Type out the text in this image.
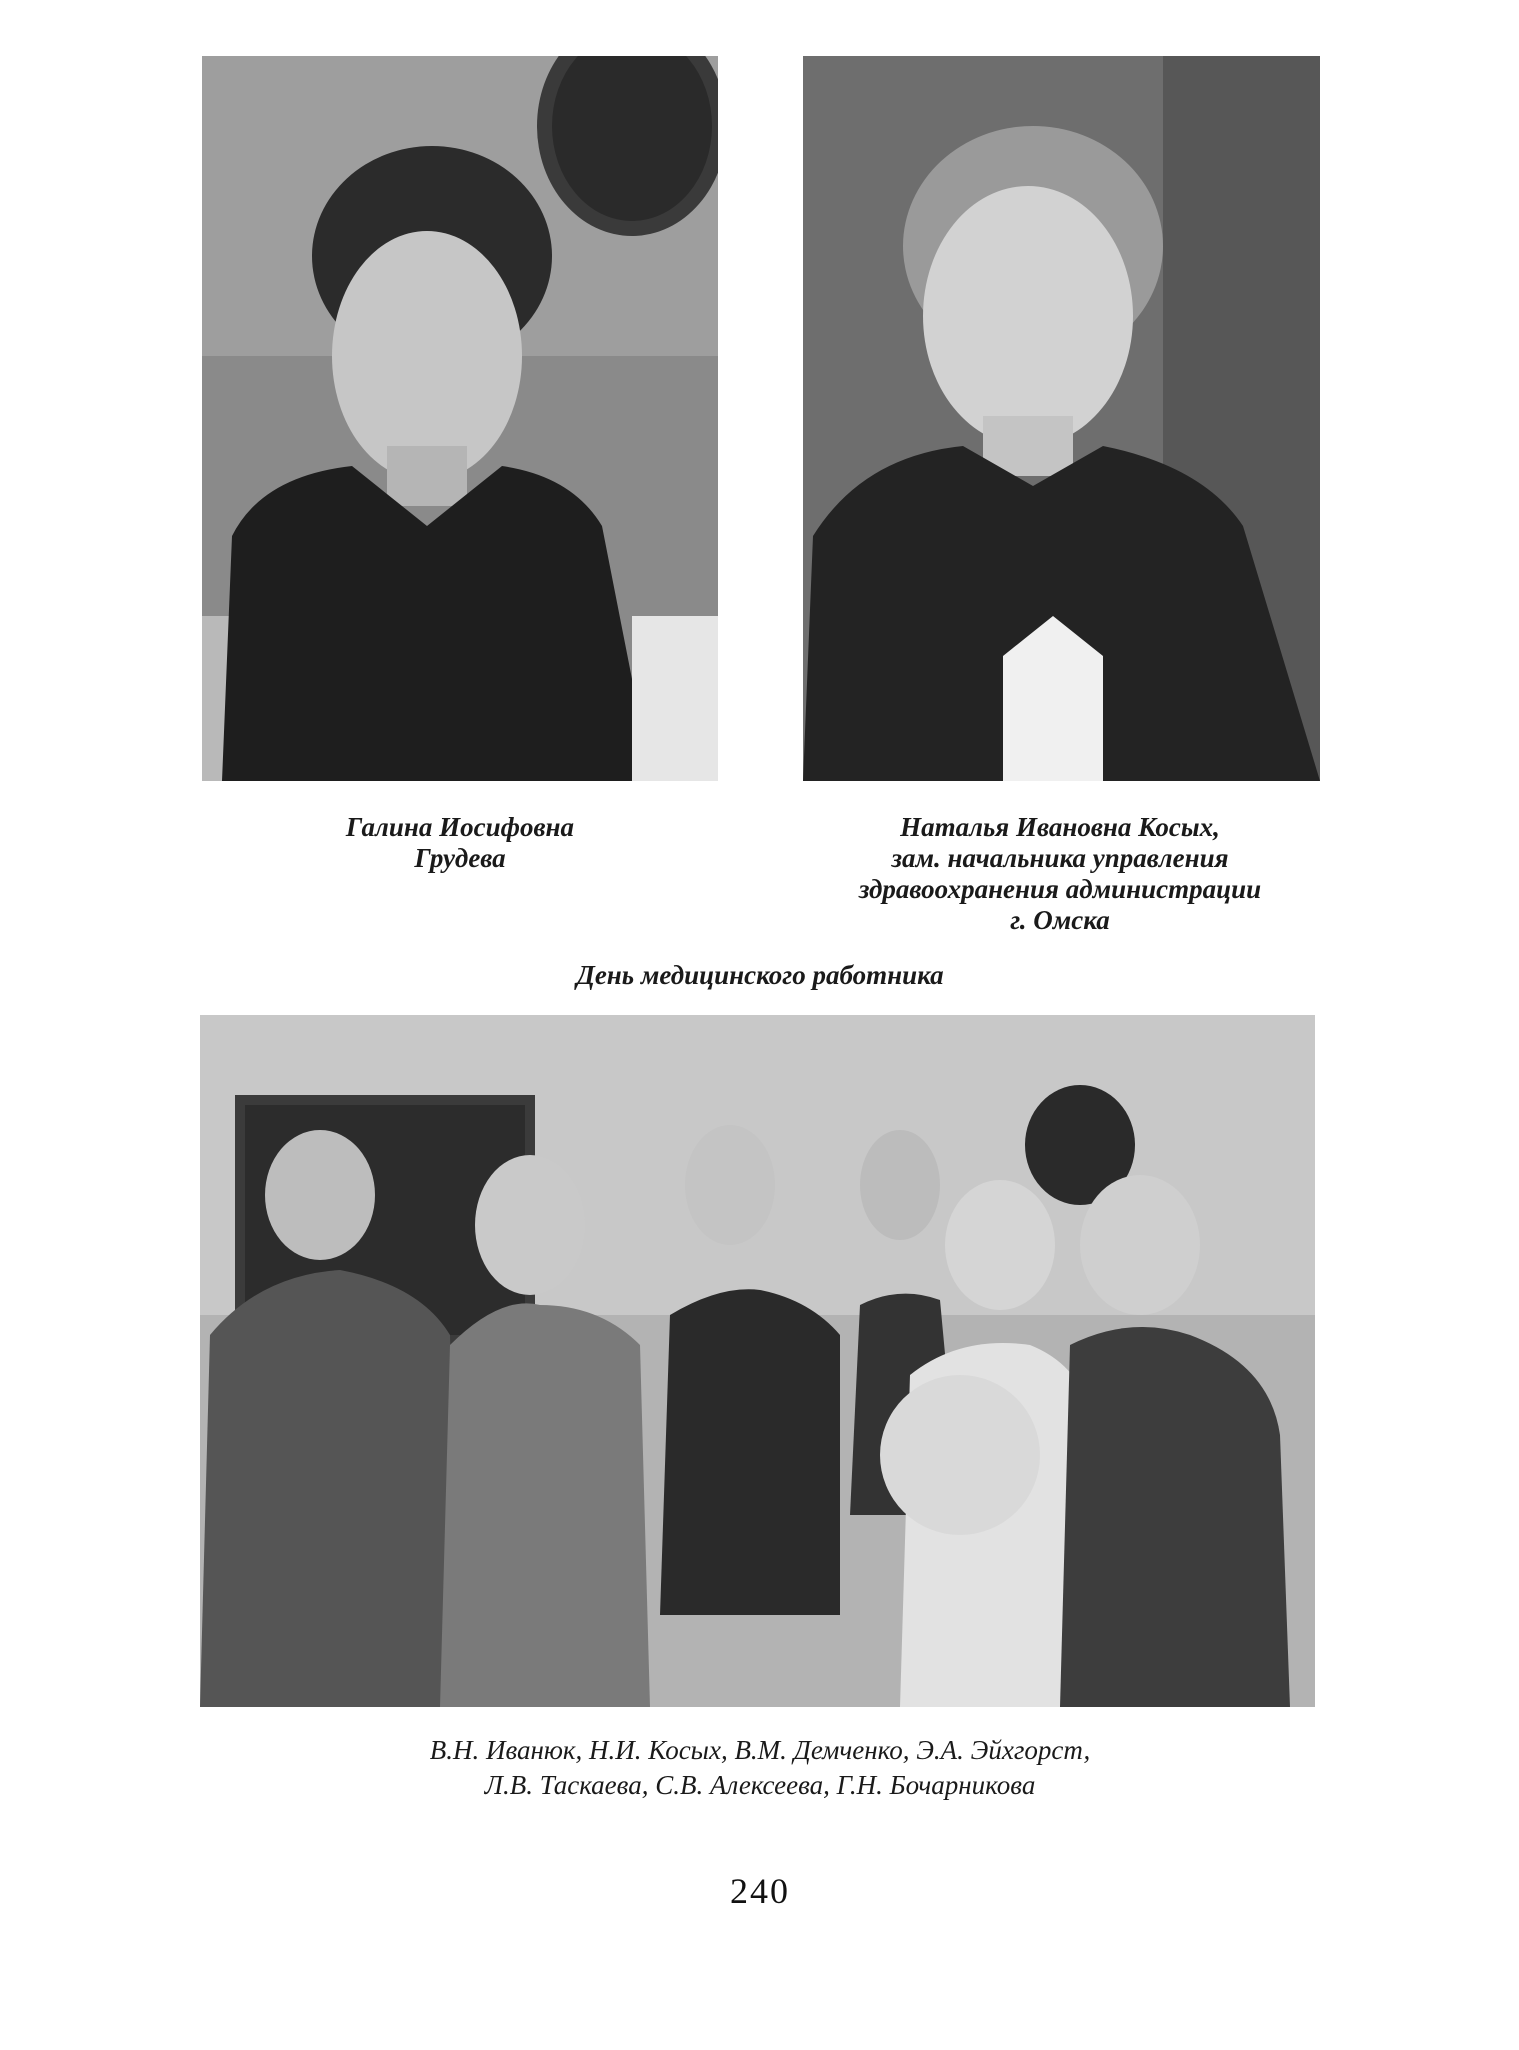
Галина Иосифовна
Грудева
Наталья Ивановна Косых,
зам. начальника управления
здравоохранения администрации
г. Омска
День медицинского работника
В.Н. Иванюк, Н.И. Косых, В.М. Демченко, Э.А. Эйхгорст,
Л.В. Таскаева, С.В. Алексеева, Г.Н. Бочарникова
240
